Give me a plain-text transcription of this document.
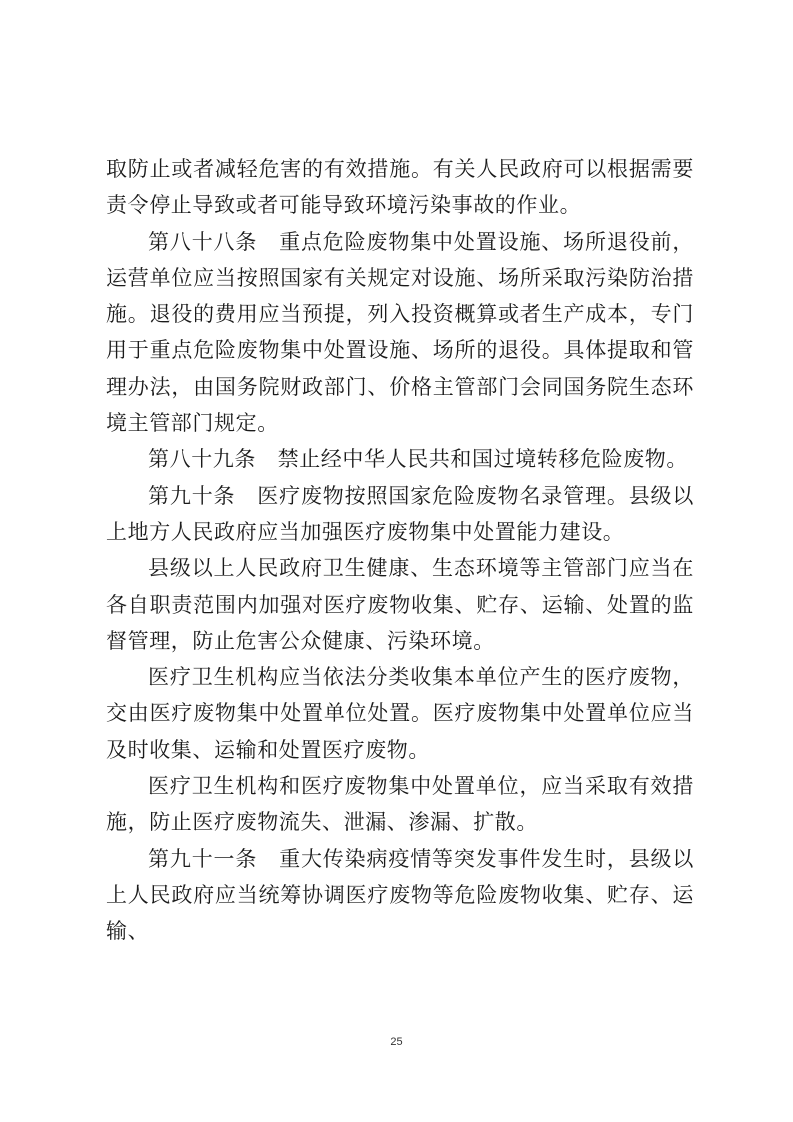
取防止或者减轻危害的有效措施。有关人民政府可以根据需要责令停止导致或者可能导致环境污染事故的作业。

第八十八条　重点危险废物集中处置设施、场所退役前，运营单位应当按照国家有关规定对设施、场所采取污染防治措施。退役的费用应当预提，列入投资概算或者生产成本，专门用于重点危险废物集中处置设施、场所的退役。具体提取和管理办法，由国务院财政部门、价格主管部门会同国务院生态环境主管部门规定。

第八十九条　禁止经中华人民共和国过境转移危险废物。

第九十条　医疗废物按照国家危险废物名录管理。县级以上地方人民政府应当加强医疗废物集中处置能力建设。

县级以上人民政府卫生健康、生态环境等主管部门应当在各自职责范围内加强对医疗废物收集、贮存、运输、处置的监督管理，防止危害公众健康、污染环境。

医疗卫生机构应当依法分类收集本单位产生的医疗废物，交由医疗废物集中处置单位处置。医疗废物集中处置单位应当及时收集、运输和处置医疗废物。

医疗卫生机构和医疗废物集中处置单位，应当采取有效措施，防止医疗废物流失、泄漏、渗漏、扩散。

第九十一条　重大传染病疫情等突发事件发生时，县级以上人民政府应当统筹协调医疗废物等危险废物收集、贮存、运输、

25
